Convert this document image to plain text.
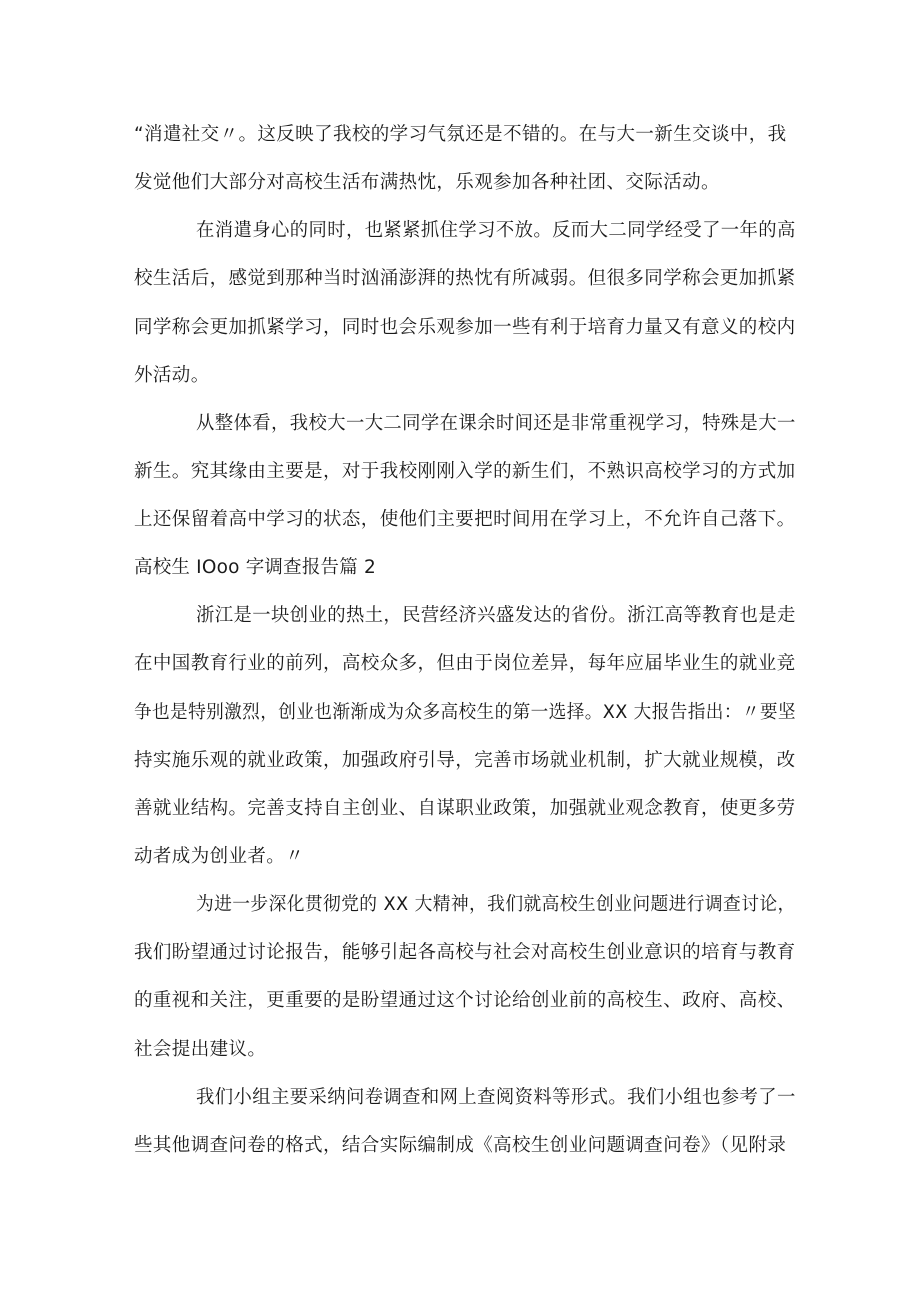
“消遣社交〃。这反映了我校的学习气氛还是不错的。在与大一新生交谈中，我
发觉他们大部分对高校生活布满热忱，乐观参加各种社团、交际活动。
在消遣身心的同时，也紧紧抓住学习不放。反而大二同学经受了一年的高
校生活后，感觉到那种当时汹涌澎湃的热忱有所减弱。但很多同学称会更加抓紧
同学称会更加抓紧学习，同时也会乐观参加一些有利于培育力量又有意义的校内
外活动。
从整体看，我校大一大二同学在课余时间还是非常重视学习，特殊是大一
新生。究其缘由主要是，对于我校刚刚入学的新生们，不熟识高校学习的方式加
上还保留着高中学习的状态，使他们主要把时间用在学习上，不允许自己落下。
高校生 IOoo 字调查报告篇 2
浙江是一块创业的热土，民营经济兴盛发达的省份。浙江高等教育也是走
在中国教育行业的前列，高校众多，但由于岗位差异，每年应届毕业生的就业竞
争也是特别激烈，创业也渐渐成为众多高校生的第一选择。XX 大报告指出：〃要坚
持实施乐观的就业政策，加强政府引导，完善市场就业机制，扩大就业规模，改
善就业结构。完善支持自主创业、自谋职业政策，加强就业观念教育，使更多劳
动者成为创业者。〃
为进一步深化贯彻党的 XX 大精神，我们就高校生创业问题进行调查讨论，
我们盼望通过讨论报告，能够引起各高校与社会对高校生创业意识的培育与教育
的重视和关注，更重要的是盼望通过这个讨论给创业前的高校生、政府、高校、
社会提出建议。
我们小组主要采纳问卷调查和网上查阅资料等形式。我们小组也参考了一
些其他调查问卷的格式，结合实际编制成《高校生创业问题调查问卷》（见附录
